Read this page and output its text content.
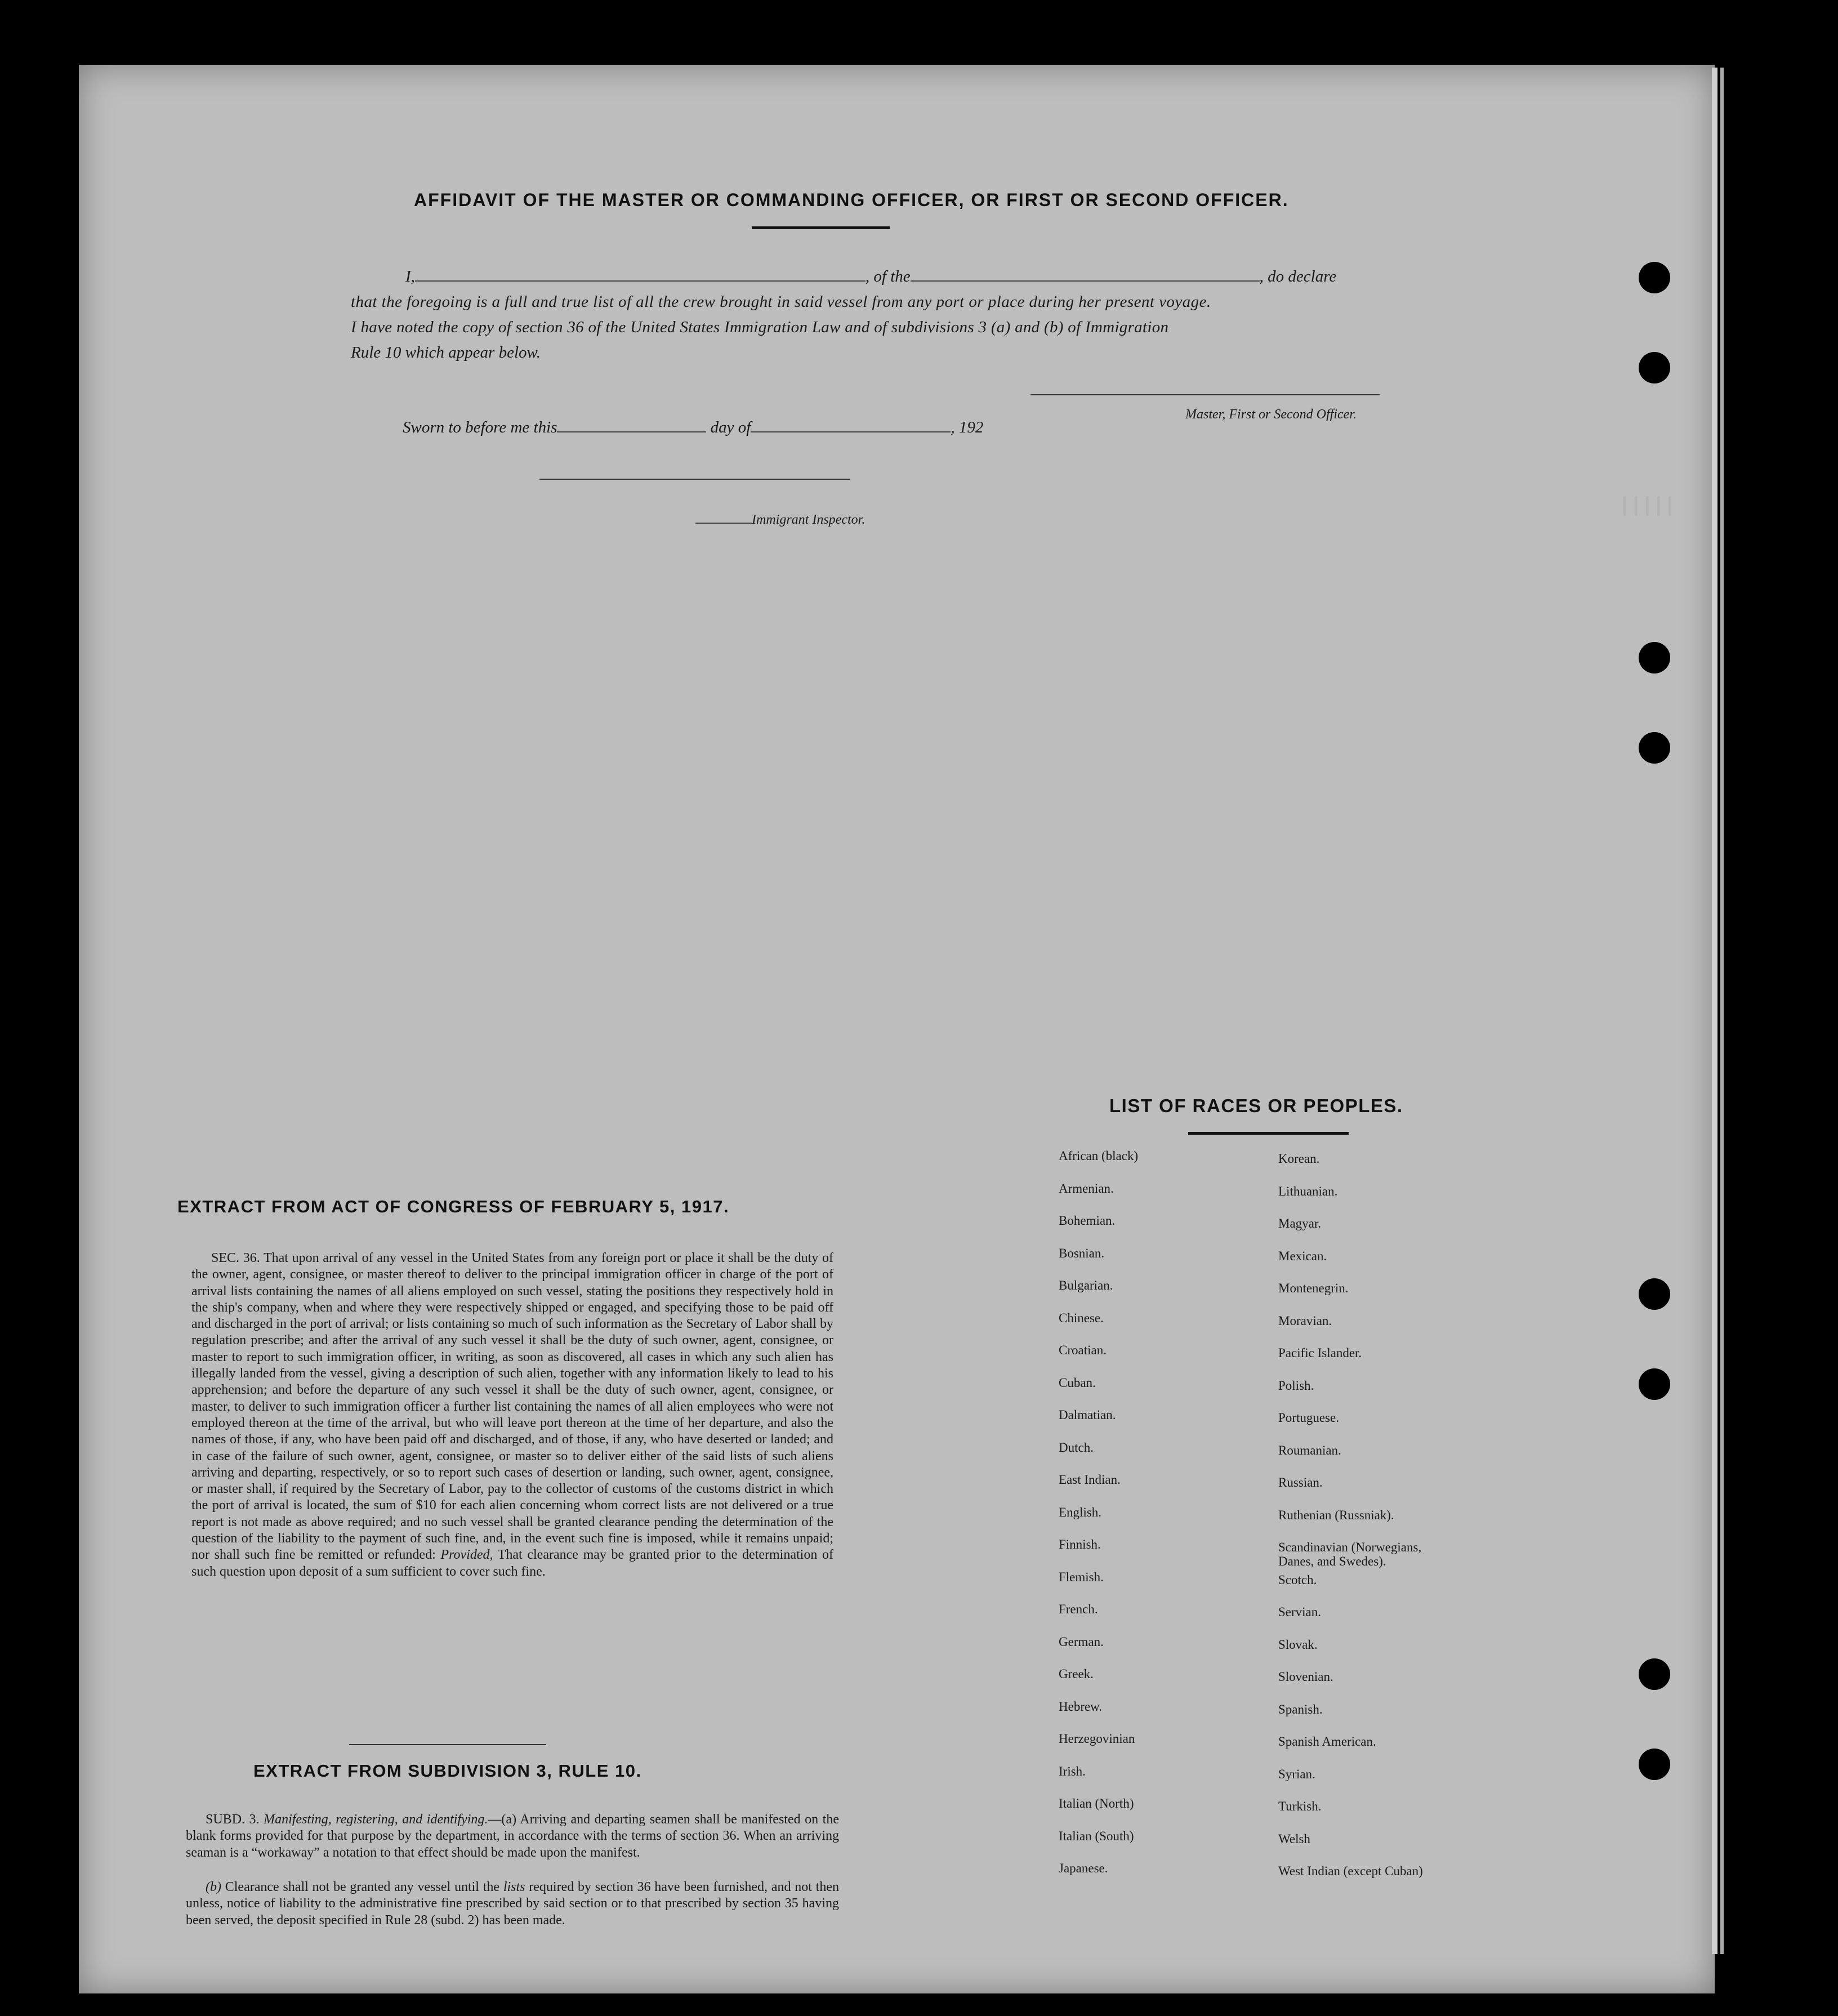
| | | | |
AFFIDAVIT OF THE MASTER OR COMMANDING OFFICER, OR FIRST OR SECOND OFFICER.
I,	, of the	, do declare
that the foregoing is a full and true list of all the crew brought in said vessel from any port or place during her present voyage.
I have noted the copy of section 36 of the United States Immigration Law and of subdivisions 3 (a) and (b) of Immigration
Rule 10 which appear below.
Master, First or Second Officer.
Sworn to before me this	day of	, 192
Immigrant Inspector.
LIST OF RACES OR PEOPLES.
African (black)
Armenian.
Bohemian.
Bosnian.
Bulgarian.
Chinese.
Croatian.
Cuban.
Dalmatian.
Dutch.
East Indian.
English.
Finnish.
Flemish.
French.
German.
Greek.
Hebrew.
Herzegovinian
Irish.
Italian (North)
Italian (South)
Japanese.
Korean.
Lithuanian.
Magyar.
Mexican.
Montenegrin.
Moravian.
Pacific Islander.
Polish.
Portuguese.
Roumanian.
Russian.
Ruthenian (Russniak).
Scandinavian (Norwegians,
Danes, and Swedes).
Scotch.
Servian.
Slovak.
Slovenian.
Spanish.
Spanish American.
Syrian.
Turkish.
Welsh
West Indian (except Cuban)
EXTRACT FROM ACT OF CONGRESS OF FEBRUARY 5, 1917.
SEC. 36. That upon arrival of any vessel in the United States from any foreign port or place it shall be the duty of the owner, agent, consignee, or master thereof to deliver to the principal immigration officer in charge of the port of arrival lists containing the names of all aliens employed on such vessel, stating the positions they respectively hold in the ship's company, when and where they were respectively shipped or engaged, and specifying those to be paid off and discharged in the port of arrival; or lists containing so much of such information as the Secretary of Labor shall by regulation prescribe; and after the arrival of any such vessel it shall be the duty of such owner, agent, consignee, or master to report to such immigration officer, in writing, as soon as discovered, all cases in which any such alien has illegally landed from the vessel, giving a description of such alien, together with any information likely to lead to his apprehension; and before the departure of any such vessel it shall be the duty of such owner, agent, consignee, or master, to deliver to such immigration officer a further list containing the names of all alien employees who were not employed thereon at the time of the arrival, but who will leave port thereon at the time of her departure, and also the names of those, if any, who have been paid off and discharged, and of those, if any, who have deserted or landed; and in case of the failure of such owner, agent, consignee, or master so to deliver either of the said lists of such aliens arriving and departing, respectively, or so to report such cases of desertion or landing, such owner, agent, consignee, or master shall, if required by the Secretary of Labor, pay to the collector of customs of the customs district in which the port of arrival is located, the sum of $10 for each alien concerning whom correct lists are not delivered or a true report is not made as above required; and no such vessel shall be granted clearance pending the determination of the question of the liability to the payment of such fine, and, in the event such fine is imposed, while it remains unpaid; nor shall such fine be remitted or refunded: Provided, That clearance may be granted prior to the determination of such question upon deposit of a sum sufficient to cover such fine.
EXTRACT FROM SUBDIVISION 3, RULE 10.
SUBD. 3. Manifesting, registering, and identifying.—(a) Arriving and departing seamen shall be manifested on the blank forms provided for that purpose by the department, in accordance with the terms of section 36. When an arriving seaman is a “workaway” a notation to that effect should be made upon the manifest.
(b) Clearance shall not be granted any vessel until the lists required by section 36 have been furnished, and not then unless, notice of liability to the administrative fine prescribed by said section or to that prescribed by section 35 having been served, the deposit specified in Rule 28 (subd. 2) has been made.
